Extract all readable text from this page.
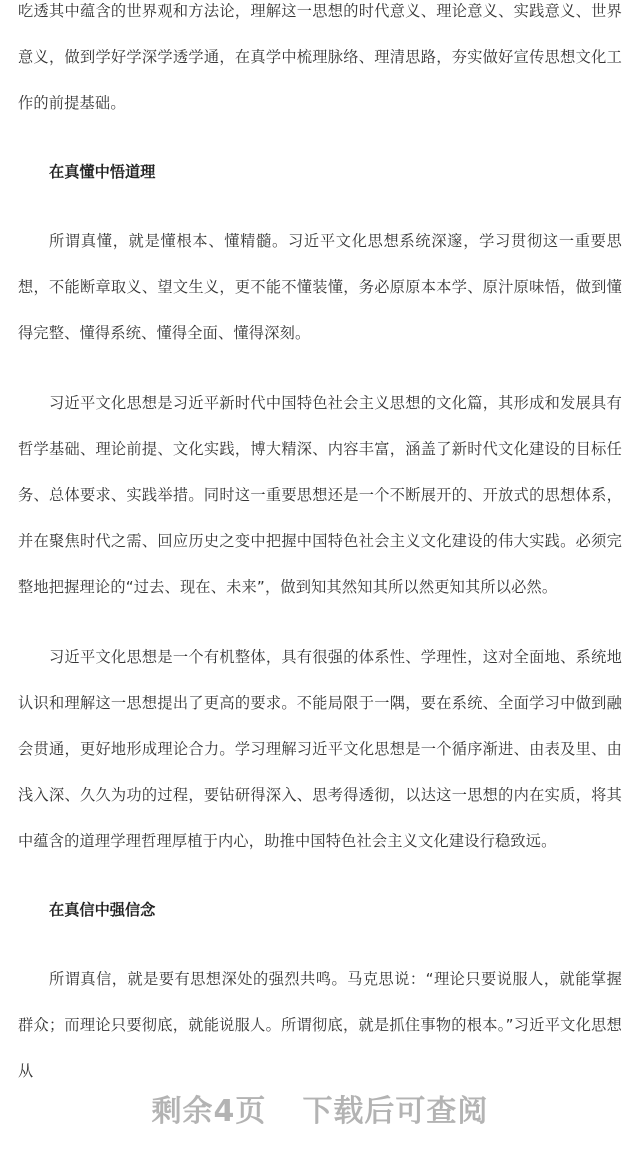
吃透其中蕴含的世界观和方法论，理解这一思想的时代意义、理论意义、实践意义、世界意义，做到学好学深学透学通，在真学中梳理脉络、理清思路，夯实做好宣传思想文化工作的前提基础。

在真懂中悟道理

所谓真懂，就是懂根本、懂精髓。习近平文化思想系统深邃，学习贯彻这一重要思想，不能断章取义、望文生义，更不能不懂装懂，务必原原本本学、原汁原味悟，做到懂得完整、懂得系统、懂得全面、懂得深刻。

习近平文化思想是习近平新时代中国特色社会主义思想的文化篇，其形成和发展具有哲学基础、理论前提、文化实践，博大精深、内容丰富，涵盖了新时代文化建设的目标任务、总体要求、实践举措。同时这一重要思想还是一个不断展开的、开放式的思想体系，并在聚焦时代之需、回应历史之变中把握中国特色社会主义文化建设的伟大实践。必须完整地把握理论的“过去、现在、未来”，做到知其然知其所以然更知其所以必然。

习近平文化思想是一个有机整体，具有很强的体系性、学理性，这对全面地、系统地认识和理解这一思想提出了更高的要求。不能局限于一隅，要在系统、全面学习中做到融会贯通，更好地形成理论合力。学习理解习近平文化思想是一个循序渐进、由表及里、由浅入深、久久为功的过程，要钻研得深入、思考得透彻，以达这一思想的内在实质，将其中蕴含的道理学理哲理厚植于内心，助推中国特色社会主义文化建设行稳致远。

在真信中强信念

所谓真信，就是要有思想深处的强烈共鸣。马克思说：“理论只要说服人，就能掌握群众；而理论只要彻底，就能说服人。所谓彻底，就是抓住事物的根本。”习近平文化思想从

剩余4页 下载后可查阅
